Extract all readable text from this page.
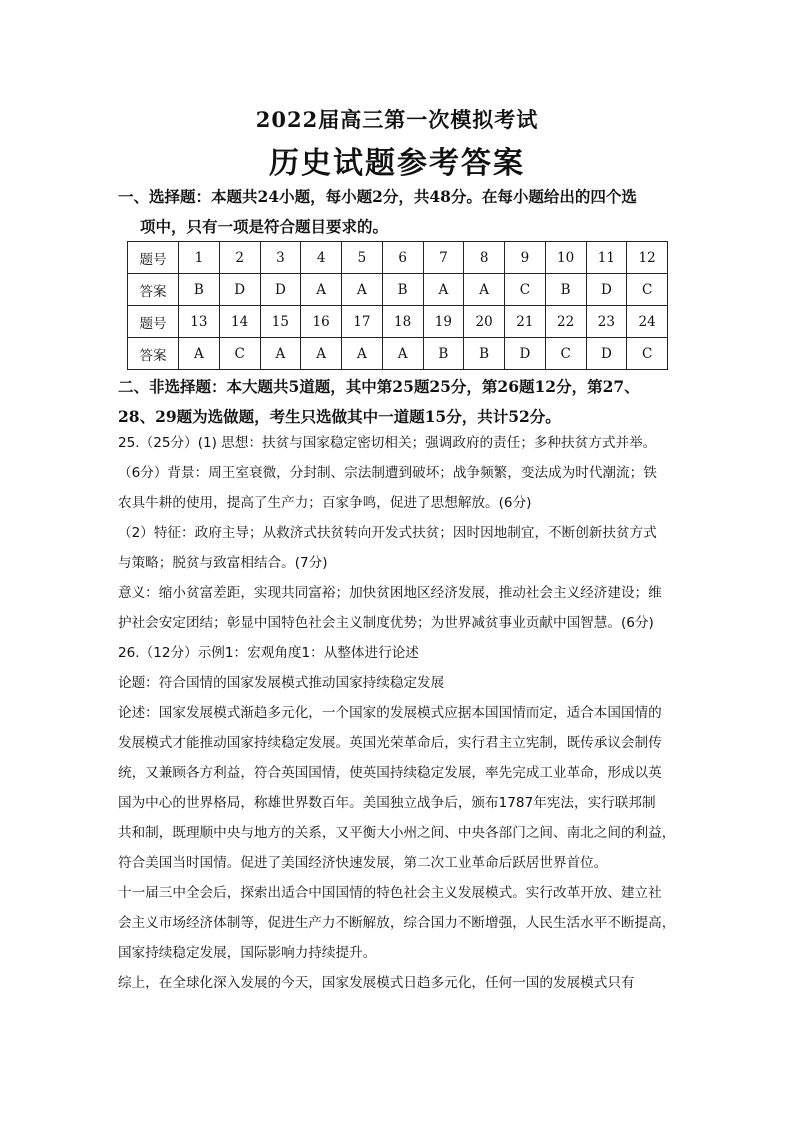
2022届高三第一次模拟考试
历史试题参考答案
一、选择题：本题共24小题，每小题2分，共48分。在每小题给出的四个选
项中，只有一项是符合题目要求的。
题号	1	2	3	4	5	6	7	8	9	10	11	12
答案	B	D	D	A	A	B	A	A	C	B	D	C
题号	13	14	15	16	17	18	19	20	21	22	23	24
答案	A	C	A	A	A	A	B	B	D	C	D	C
二、非选择题：本大题共5道题，其中第25题25分，第26题12分，第27、
28、29题为选做题，考生只选做其中一道题15分，共计52分。
25.（25分）(1) 思想：扶贫与国家稳定密切相关；强调政府的责任；多种扶贫方式并举。
（6分）背景：周王室衰微，分封制、宗法制遭到破坏；战争频繁，变法成为时代潮流；铁
农具牛耕的使用，提高了生产力；百家争鸣，促进了思想解放。(6分)
（2）特征：政府主导；从救济式扶贫转向开发式扶贫；因时因地制宜，不断创新扶贫方式
与策略；脱贫与致富相结合。(7分)
意义：缩小贫富差距，实现共同富裕；加快贫困地区经济发展，推动社会主义经济建设；维
护社会安定团结；彰显中国特色社会主义制度优势；为世界减贫事业贡献中国智慧。(6分)
26.（12分）示例1：宏观角度1：从整体进行论述
论题：符合国情的国家发展模式推动国家持续稳定发展
论述：国家发展模式渐趋多元化，一个国家的发展模式应据本国国情而定，适合本国国情的
发展模式才能推动国家持续稳定发展。英国光荣革命后，实行君主立宪制，既传承议会制传
统，又兼顾各方利益，符合英国国情，使英国持续稳定发展，率先完成工业革命，形成以英
国为中心的世界格局，称雄世界数百年。美国独立战争后，颁布1787年宪法，实行联邦制
共和制，既理顺中央与地方的关系，又平衡大小州之间、中央各部门之间、南北之间的利益，
符合美国当时国情。促进了美国经济快速发展，第二次工业革命后跃居世界首位。
十一届三中全会后，探索出适合中国国情的特色社会主义发展模式。实行改革开放、建立社
会主义市场经济体制等，促进生产力不断解放，综合国力不断增强，人民生活水平不断提高，
国家持续稳定发展，国际影响力持续提升。
综上，在全球化深入发展的今天，国家发展模式日趋多元化，任何一国的发展模式只有
